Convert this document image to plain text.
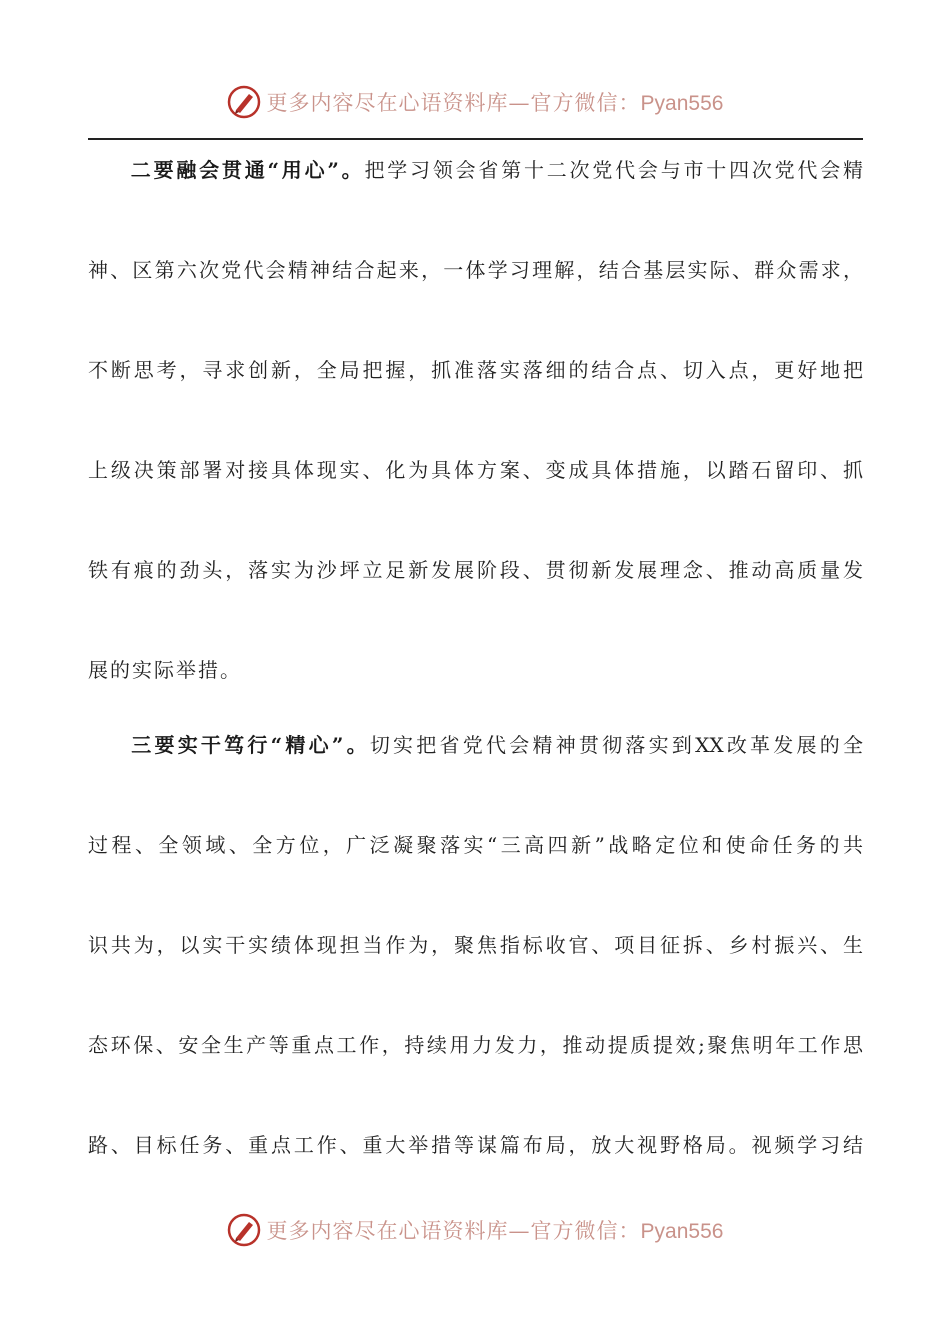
更多内容尽在心语资料库—官方微信：Pyan556
二要融会贯通“用心”。把学习领会省第十二次党代会与市十四次党代会精
神、区第六次党代会精神结合起来，一体学习理解，结合基层实际、群众需求，
不断思考，寻求创新，全局把握，抓准落实落细的结合点、切入点，更好地把
上级决策部署对接具体现实、化为具体方案、变成具体措施，以踏石留印、抓
铁有痕的劲头，落实为沙坪立足新发展阶段、贯彻新发展理念、推动高质量发
展的实际举措。
三要实干笃行“精心”。切实把省党代会精神贯彻落实到XX改革发展的全
过程、全领域、全方位，广泛凝聚落实“三高四新”战略定位和使命任务的共
识共为，以实干实绩体现担当作为，聚焦指标收官、项目征拆、乡村振兴、生
态环保、安全生产等重点工作，持续用力发力，推动提质提效;聚焦明年工作思
路、目标任务、重点工作、重大举措等谋篇布局，放大视野格局。视频学习结
更多内容尽在心语资料库—官方微信：Pyan556
